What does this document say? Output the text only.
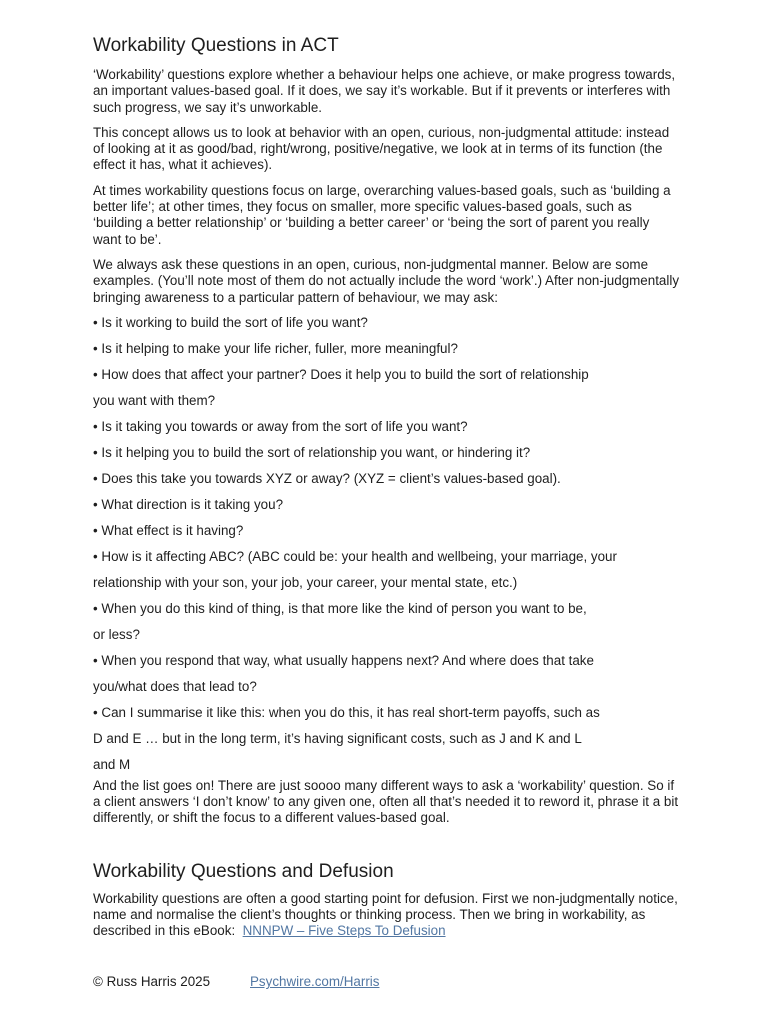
Workability Questions in ACT

‘Workability’ questions explore whether a behaviour helps one achieve, or make progress towards, an important values-based goal. If it does, we say it’s workable. But if it prevents or interferes with such progress, we say it’s unworkable.

This concept allows us to look at behavior with an open, curious, non-judgmental attitude: instead of looking at it as good/bad, right/wrong, positive/negative, we look at in terms of its function (the effect it has, what it achieves).

At times workability questions focus on large, overarching values-based goals, such as ‘building a better life’; at other times, they focus on smaller, more specific values-based goals, such as ‘building a better relationship’ or ‘building a better career’ or ‘being the sort of parent you really want to be’.

We always ask these questions in an open, curious, non-judgmental manner. Below are some examples. (You’ll note most of them do not actually include the word ‘work’.) After non-judgmentally bringing awareness to a particular pattern of behaviour, we may ask:

• Is it working to build the sort of life you want?
• Is it helping to make your life richer, fuller, more meaningful?
• How does that affect your partner? Does it help you to build the sort of relationship
you want with them?
• Is it taking you towards or away from the sort of life you want?
• Is it helping you to build the sort of relationship you want, or hindering it?
• Does this take you towards XYZ or away? (XYZ = client’s values-based goal).
• What direction is it taking you?
• What effect is it having?
• How is it affecting ABC? (ABC could be: your health and wellbeing, your marriage, your
relationship with your son, your job, your career, your mental state, etc.)
• When you do this kind of thing, is that more like the kind of person you want to be,
or less?
• When you respond that way, what usually happens next? And where does that take
you/what does that lead to?
• Can I summarise it like this: when you do this, it has real short-term payoffs, such as
D and E … but in the long term, it’s having significant costs, such as J and K and L
and M

And the list goes on! There are just soooo many different ways to ask a ‘workability’ question. So if a client answers ‘I don’t know’ to any given one, often all that’s needed it to reword it, phrase it a bit differently, or shift the focus to a different values-based goal.

Workability Questions and Defusion

Workability questions are often a good starting point for defusion. First we non-judgmentally notice, name and normalise the client’s thoughts or thinking process. Then we bring in workability, as described in this eBook: NNNPW – Five Steps To Defusion

© Russ Harris 2025	Psychwire.com/Harris
